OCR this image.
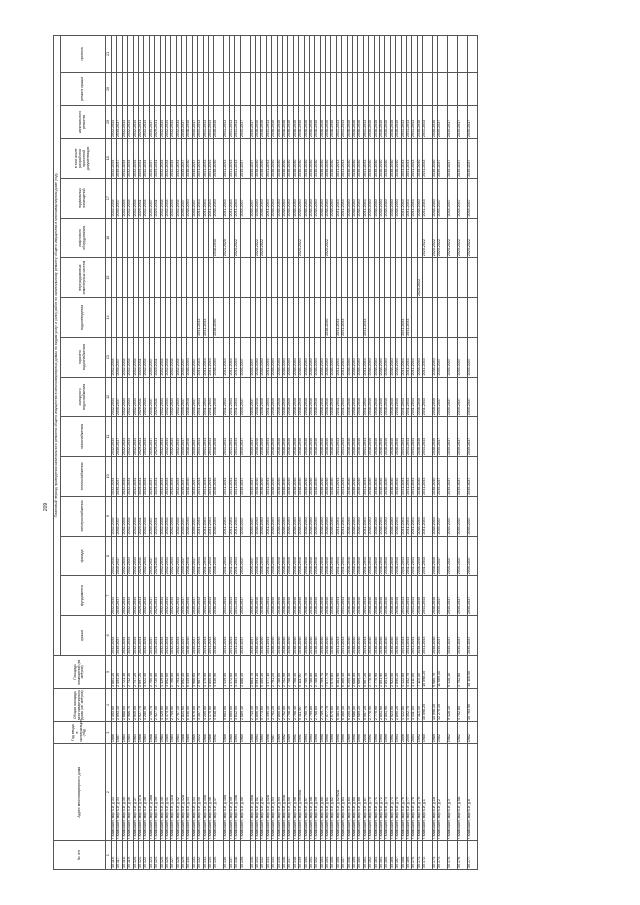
209
№ п/п	Адрес многоквартирного дома	Год ввода в эксплуатацию (год)	Общая площадь многоквартирного дома (кв. метров)	Площадь помещений (кв. метров)	Плановый период проведения капитального ремонта общего имущества в многоквартирных домах по видам услуг и (или) работ по капитальному ремонту общего имущества в многоквартирном доме (год)															
					крыши	фундамента	фасада	электроснабжения	теплоснабжения	газоснабжения	холодного водоснабжения	горячего водоснабжения	водоотведения	внутридомовых инженерных систем	лифтового оборудования	подвальных помещений	в том числе разработка проектной документации	капитального ремонта	ремонт крыши	проекта
1	2	3	4	5	6	7	8	9	10	11	12	13	14	15	16	17	18	19	20	21
35.116.	г. Камышин, мкр 5-й, д.33	1986	4 353,60	3 863,20	2032-2034	2032-2034	2032-2034	2032-2034	2032-2034	2032-2034	2032-2034	2032-2034				2032-2034	2032-2034	2032-2034		
35.117.	г. Камышин, мкр 5-й, д.34	1987	2 693,40	2 454,30	2035-2037	2035-2037	2035-2037	2035-2037	2035-2037	2035-2037	2035-2037	2035-2037				2035-2037	2035-2037	2035-2037		
35.118.	г. Камышин, мкр 5-й, д.35	1984	2 888,00	2 721,10	2032-2034	2032-2034	2032-2034	2032-2034	2032-2034	2032-2034	2032-2034	2032-2034				2032-2034	2032-2034	2032-2034		
35.119.	г. Камышин, мкр 5-й, д.36	1984	2 986,70	2 742,30	2032-2034	2032-2034	2032-2034	2032-2034	2032-2034	2032-2034	2032-2034	2032-2034				2032-2034	2032-2034	2032-2034		
35.120.	г. Камышин, мкр 5-й, д.37	1984	2 945,00	2 747,20	2032-2034	2032-2034	2032-2034	2032-2034	2032-2034	2032-2034	2032-2034	2032-2034				2032-2034	2032-2034	2032-2034		
35.121.	г. Камышин, мкр 5-й, д.37а	1988	2 527,70	2 697,20	2029-2031	2029-2031	2029-2031	2029-2031	2029-2031	2029-2031	2029-2031	2029-2031				2029-2031	2029-2031	2029-2031		
35.122.	г. Камышин, мкр 5-й, д.38	1984	4 280,90	3 922,40	2032-2034	2032-2034	2032-2034	2032-2034	2032-2034	2032-2034	2032-2034	2032-2034				2032-2034	2032-2034	2032-2034		
35.123.	г. Камышин, мкр 5-й, д.38а	1988	2 786,70	2 700,40	2035-2037	2035-2037	2035-2037	2035-2037	2035-2037	2035-2037	2035-2037	2035-2037				2035-2037	2035-2037	2035-2037		
35.124.	г. Камышин, мкр 5-й, д.39	1984	2 927,00	2 730,90	2029-2031	2029-2031	2029-2031	2029-2031	2029-2031	2029-2031	2029-2031	2029-2031				2029-2031	2029-2031	2029-2031		
35.125.	г. Камышин, мкр 5-й, д.40	1984	4 429,00	4 429,60	2032-2034	2032-2034	2032-2034	2032-2034	2032-2034	2032-2034	2032-2034	2032-2034				2032-2034	2032-2034	2032-2034		
35.126.	г. Камышин, мкр 5-й, д.41	1985	4 473,90	3 852,00	2032-2034	2032-2034	2032-2034	2032-2034	2032-2034	2032-2034	2032-2034	2032-2034				2032-2034	2032-2034	2032-2034		
35.127.	г. Камышин, мкр 5-й, д.41а	1984	2 709,00	2 706,00	2032-2034	2032-2034	2032-2034	2032-2034	2032-2034	2032-2034	2032-2034	2032-2034				2032-2034	2032-2034	2032-2034		
35.128.	г. Камышин, мкр 5-й, д.42	1984	2 767,10	2 753,30	2032-2034	2032-2034	2032-2034	2032-2034	2032-2034	2032-2034	2032-2034	2032-2034				2032-2034	2032-2034	2032-2034		
35.129.	г. Камышин, мкр 5-й, д.42а	1988	2 821,60	2 692,40	2035-2037	2035-2037	2035-2037	2035-2037	2035-2037	2035-2037	2035-2037	2035-2037				2035-2037	2035-2037	2035-2037		
35.130.	г. Камышин, мкр 5-й, д.43	1985	6 536,50	6 349,00	2038-2040	2038-2040	2038-2040	2038-2040	2038-2040	2038-2040	2038-2040	2038-2040				2038-2040	2038-2040	2038-2040		
35.131.	г. Камышин, мкр 5-й, д.44	1985	3 976,00	3 966,60	2035-2037	2035-2037	2035-2037	2035-2037	2035-2037	2035-2037	2035-2037	2035-2037				2035-2037	2035-2037	2035-2037		
35.132.	г. Камышин, мкр 5-й, д.45	2022	3 167,70	2 987,70	2041-2043	2041-2043	2041-2043	2041-2043	2041-2043	2041-2043	2041-2043	2041-2043	2041-2043			2041-2043	2041-2043	2041-2043		
35.133.	г. Камышин, мкр 5-й, д.45а	1986	4 205,00	4 175,90	2041-2043	2041-2043	2041-2043	2041-2043	2041-2043	2041-2043	2041-2043	2041-2043	2041-2043			2041-2043	2041-2043	2041-2043		
35.134.	г. Камышин, мкр 5-й, д.46	1986	4 175,50	3 800,56	2041-2043	2041-2043	2041-2043	2041-2043	2041-2043	2041-2043	2041-2043	2041-2043				2041-2043	2041-2043	2041-2043		
35.135.	г. Камышин, мкр 5-й, д.47	1991	4 538,90	4 536,90	2038-2040	2038-2040	2038-2040	2038-2040	2038-2040	2038-2040	2038-2040	2038-2040	2038-2040		2038-2040	2038-2040	2038-2040	2038-2040		
35.136.	г. Камышин, мкр 5-й, д.48а	1986	5 663,00	1 449,50	2041-2043	2041-2043	2041-2043	2041-2043	2041-2043	2041-2043	2041-2043	2041-2043			2023-2025	2041-2043	2041-2043	2041-2043		
35.137.	г. Камышин, мкр 5-й, д.49	1985	1 669,00	1 472,60	2041-2043	2041-2043	2041-2043	2041-2043	2041-2043	2041-2043	2041-2043	2041-2043				2041-2043	2041-2043	2041-2043		
35.138.	г. Камышин, мкр 5-й, д.49а	1994	3 812,50	3 384,40	2041-2043	2041-2043	2041-2043	2041-2043	2041-2043	2041-2043	2041-2043	2041-2043			2020-2022	2041-2043	2041-2043	2041-2043		
35.139.	г. Камышин, мкр 5-й, д.50	1985	2 889,40	2 888,40	2035-2037	2035-2037	2035-2037	2035-2037	2035-2037	2035-2037	2035-2037	2035-2037				2035-2037	2035-2037	2035-2037		
35.140.	г. Камышин, мкр 5-й, д.50а	1986	2 743,40	2 603,70	2035-2037	2035-2037	2035-2037	2035-2037	2035-2037	2035-2037	2035-2037	2035-2037				2035-2037	2035-2037	2035-2037		
35.141.	г. Камышин, мкр 5-й, д.51	1994	5 806,40	5 591,10	2038-2040	2038-2040	2038-2040	2038-2040	2038-2040	2038-2040	2038-2040	2038-2040			2020-2022	2038-2040	2038-2040	2038-2040		
35.142.	г. Камышин, мкр 5-й, д.52	1994	5 773,60	5 405,30	2038-2040	2038-2040	2038-2040	2038-2040	2038-2040	2038-2040	2038-2040	2038-2040			2020-2022	2038-2040	2038-2040	2038-2040		
35.143.	г. Камышин, мкр 5-й, д.52а	1998	1 495,10	1 477,10	2041-2043	2041-2043	2041-2043	2041-2043	2041-2043	2041-2043	2041-2043	2041-2043				2041-2043	2041-2043	2041-2043		
35.144.	г. Камышин, мкр 5-й, д.53	1987	2 791,20	2 791,20	2038-2040	2038-2040	2038-2040	2038-2040	2038-2040	2038-2040	2038-2040	2038-2040				2038-2040	2038-2040	2038-2040		
35.145.	г. Камышин, мкр 5-й, д.54	1989	2 800,00	2 780,00	2038-2040	2038-2040	2038-2040	2038-2040	2038-2040	2038-2040	2038-2040	2038-2040				2038-2040	2038-2040	2038-2040		
35.146.	г. Камышин, мкр 5-й, д.54а	1992	2 702,50	2 702,50	2038-2040	2038-2040	2038-2040	2038-2040	2038-2040	2038-2040	2038-2040	2038-2040				2038-2040	2038-2040	2038-2040		
35.147.	г. Камышин, мкр 5-й, д.55	1989	2 758,30	2 758,30	2038-2040	2038-2040	2038-2040	2038-2040	2038-2040	2038-2040	2038-2040	2038-2040				2038-2040	2038-2040	2038-2040		
35.148.	г. Камышин, мкр 5-й, д.56	1991	2 708,40	2 708,40	2038-2040	2038-2040	2038-2040	2038-2040	2038-2040	2038-2040	2038-2040	2038-2040				2038-2040	2038-2040	2038-2040		
35.149.	г. Камышин, мкр 5-й, д.56/56А	1991	5 111,90	5 111,90	2038-2040	2038-2040	2038-2040	2038-2040	2038-2040	2038-2040	2038-2040	2038-2040			2020-2022	2038-2040	2038-2040	2038-2040		
35.150.	г. Камышин, мкр 5-й, д.57	1993	2 700,70	2 700,70	2038-2040	2038-2040	2038-2040	2038-2040	2038-2040	2038-2040	2038-2040	2038-2040				2038-2040	2038-2040	2038-2040		
35.151.	г. Камышин, мкр 5-й, д.58	1993	2 799,80	2 788,80	2038-2040	2038-2040	2038-2040	2038-2040	2038-2040	2038-2040	2038-2040	2038-2040				2038-2040	2038-2040	2038-2040		
35.152.	г. Камышин, мкр 5-й, д.59	1990	2 788,80	2 788,80	2038-2040	2038-2040	2038-2040	2038-2040	2038-2040	2038-2040	2038-2040	2038-2040				2038-2040	2038-2040	2038-2040		
35.153.	г. Камышин, мкр 5-й, д.60	1990	2 709,70	2 709,70	2038-2040	2038-2040	2038-2040	2038-2040	2038-2040	2038-2040	2038-2040	2038-2040				2038-2040	2038-2040	2038-2040		
35.154.	г. Камышин, мкр 5-й, д.61	1990	7 077,70	7 077,70	2038-2040	2038-2040	2038-2040	2038-2040	2038-2040	2038-2040	2038-2040	2038-2040	2038-2040		2020-2022	2038-2040	2038-2040	2038-2040		
35.155.	г. Камышин, мкр 5-й, д.62	1990	2 675,80	2 675,80	2038-2040	2038-2040	2038-2040	2038-2040	2038-2040	2038-2040	2038-2040	2038-2040				2038-2040	2038-2040	2038-2040		
35.156.	г. Камышин, мкр 5-й, д.62/62А	1990	6 381,90	6 381,90	2041-2043	2041-2043	2041-2043	2041-2043	2041-2043	2041-2043	2041-2043	2041-2043	2041-2043			2041-2043	2041-2043	2041-2043		
35.157.	г. Камышин, мкр 5-й, д.63	1990	6 360,40	6 360,40	2041-2043	2041-2043	2041-2043	2041-2043	2041-2043	2041-2043	2041-2043	2041-2043	2041-2043			2041-2043	2041-2043	2041-2043		
35.158.	г. Камышин, мкр 5-й, д.64	1989	6 255,10	6 255,10	2038-2040	2038-2040	2038-2040	2038-2040	2038-2040	2038-2040	2038-2040	2038-2040				2038-2040	2038-2040	2038-2040		
35.159.	г. Камышин, мкр 5-й, д.65	1990	2 688,50	2 688,50	2038-2040	2038-2040	2038-2040	2038-2040	2038-2040	2038-2040	2038-2040	2038-2040				2038-2040	2038-2040	2038-2040		
35.160.	г. Камышин, мкр 5-й, д.66	1990	2 689,20	2 689,20	2038-2040	2038-2040	2038-2040	2038-2040	2038-2040	2038-2040	2038-2040	2038-2040				2038-2040	2038-2040	2038-2040		
35.161.	г. Камышин, мкр 5-й, д.67	2008	5 567,20	5 567,20	2041-2043	2041-2043	2041-2043	2041-2043	2041-2043	2041-2043	2041-2043	2041-2043	2041-2043			2041-2043	2041-2043	2041-2043		
35.162.	г. Камышин, мкр 5-й, д.70	1991	2 778,90	2 778,90	2038-2040	2038-2040	2038-2040	2038-2040	2038-2040	2038-2040	2038-2040	2038-2040				2038-2040	2038-2040	2038-2040		
35.163.	г. Камышин, мкр 5-й, д.71	1990	2 770,90	2 770,90	2038-2040	2038-2040	2038-2040	2038-2040	2038-2040	2038-2040	2038-2040	2038-2040				2038-2040	2038-2040	2038-2040		
35.164.	г. Камышин, мкр 5-й, д.72	1990	2 851,90	2 851,90	2038-2040	2038-2040	2038-2040	2038-2040	2038-2040	2038-2040	2038-2040	2038-2040				2038-2040	2038-2040	2038-2040		
35.165.	г. Камышин, мкр 5-й, д.73	1990	2 851,90	2 851,90	2038-2040	2038-2040	2038-2040	2038-2040	2038-2040	2038-2040	2038-2040	2038-2040				2038-2040	2038-2040	2038-2040		
35.166.	г. Камышин, мкр 5-й, д.74	1991	2 923,50	2 923,50	2038-2040	2038-2040	2038-2040	2038-2040	2038-2040	2038-2040	2038-2040	2038-2040				2038-2040	2038-2040	2038-2040		
35.167.	г. Камышин, мкр 5-й, д.75	1993	2 890,20	2 890,20	2038-2040	2038-2040	2038-2040	2038-2040	2038-2040	2038-2040	2038-2040	2038-2040				2038-2040	2038-2040	2038-2040		
35.168.	г. Камышин, мкр 5-й, д.76	2006	4 422,80	4 422,80	2041-2043	2041-2043	2041-2043	2041-2043	2041-2043	2041-2043	2041-2043	2041-2043	2041-2043			2041-2043	2041-2043	2041-2043		
35.169.	г. Камышин, мкр 5-й, д.77	2005	4 352,70	4 352,70	2041-2043	2041-2043	2041-2043	2041-2043	2041-2043	2041-2043	2041-2043	2041-2043	2041-2043			2041-2043	2041-2043	2041-2043		
35.170.	г. Камышин, мкр 5-й, д.78	2004	3 411,00	3 411,00	2041-2043	2041-2043	2041-2043	2041-2043	2041-2043	2041-2043	2041-2043	2041-2043				2041-2043	2041-2043	2041-2043		
35.171.	г. Камышин, мкр 5-й, д.79	1992	7 114,30	7 114,30	2038-2040	2038-2040	2038-2040	2038-2040	2038-2040	2038-2040	2038-2040	2038-2040		2020-2022		2038-2040	2038-2040	2038-2040		
35.172.	г. Камышин, мкр 6-й, д.1	1980	10 098,20	10 098,20	2041-2043	2041-2043	2041-2043	2041-2043	2041-2043	2041-2043	2041-2043	2041-2043			2020-2022	2041-2043	2041-2043	2041-2043		
35.173.	г. Камышин, мкр 6-й, д.1а	1989	10 098,10	9 980,70	2038-2040	2038-2040	2038-2040	2038-2040	2038-2040	2038-2040	2038-2040	2038-2040			2020-2022	2038-2040	2038-2040	2038-2040		
35.174.	г. Камышин, мкр 6-й, д.2	1982	12 275,10	11 669,30	2035-2037	2035-2037	2035-2037	2035-2037	2035-2037	2035-2037	2035-2037	2035-2037			2020-2022	2035-2037	2035-2037	2035-2037		
35.175.	г. Камышин, мкр 6-й, д.3	1982	9 428,10	9 428,10	2035-2037	2035-2037	2035-2037	2035-2037	2035-2037	2035-2037	2035-2037	2035-2037			2020-2022	2035-2037	2035-2037	2035-2037		
35.176.	г. Камышин, мкр 6-й, д.5А	1982	4 752,80	4 752,80	2035-2037	2035-2037	2035-2037	2035-2037	2035-2037	2035-2037	2035-2037	2035-2037			2020-2022	2035-2037	2035-2037	2035-2037		
35.177.	г. Камышин, мкр 6-й, д.8	1982	10 763,90	10 116,50	2035-2037	2035-2037	2035-2037	2035-2037	2035-2037	2035-2037	2035-2037	2035-2037			2020-2022	2035-2037	2035-2037	2035-2037		
